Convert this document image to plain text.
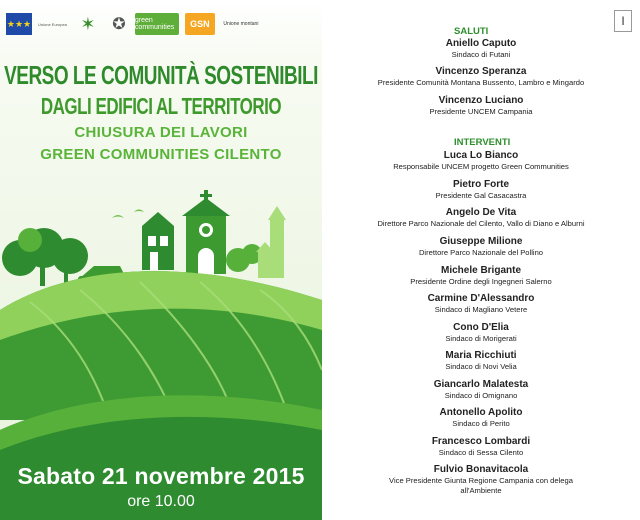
★★★ Unione Europea ✶	✪	green communities	GSN	Unione montani
VERSO LE COMUNITÀ SOSTENIBILI
DAGLI EDIFICI AL TERRITORIO
CHIUSURA DEI LAVORI
GREEN COMMUNITIES CILENTO
Sabato 21 novembre 2015
ore 10.00
I
SALUTI
Aniello Caputo
Sindaco di Futani
Vincenzo Speranza
Presidente Comunità Montana Bussento, Lambro e Mingardo
Vincenzo Luciano
Presidente UNCEM Campania
INTERVENTI
Luca Lo Bianco
Responsabile UNCEM progetto Green Communities
Pietro Forte
Presidente Gal Casacastra
Angelo De Vita
Direttore Parco Nazionale del Cilento, Vallo di Diano e Alburni
Giuseppe Milione
Direttore Parco Nazionale del Pollino
Michele Brigante
Presidente Ordine degli Ingegneri Salerno
Carmine D'Alessandro
Sindaco di Magliano Vetere
Cono D'Elia
Sindaco di Morigerati
Maria Ricchiuti
Sindaco di Novi Velia
Giancarlo Malatesta
Sindaco di Omignano
Antonello Apolito
Sindaco di Perito
Francesco Lombardi
Sindaco di Sessa Cilento
Fulvio Bonavitacola
Vice Presidente Giunta Regione Campania con delega
all'Ambiente
